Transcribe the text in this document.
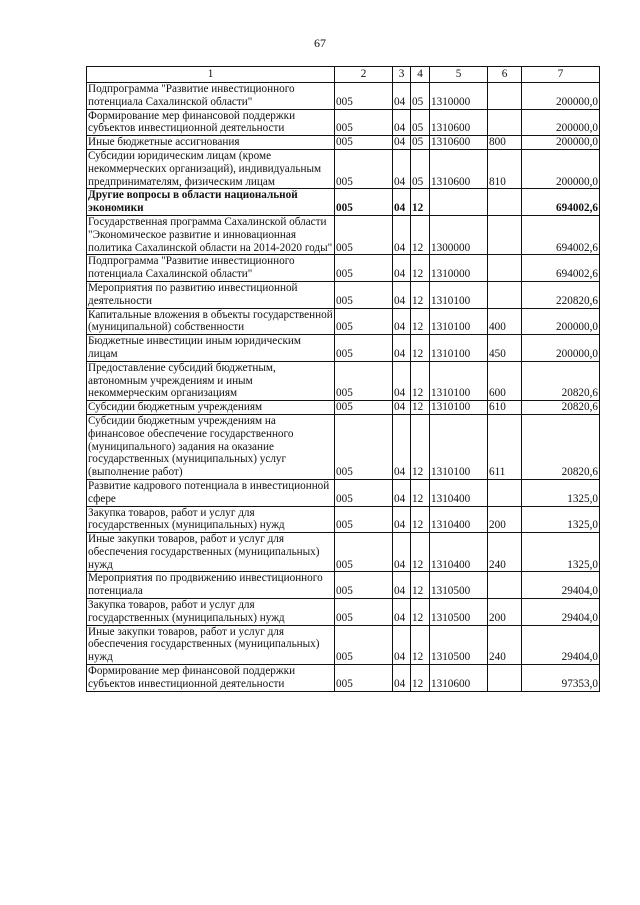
67
1	2	3	4	5	6	7
Подпрограмма "Развитие инвестиционного потенциала Сахалинской области"	005	04	05	1310000		200000,0
Формирование мер финансовой поддержки субъектов инвестиционной деятельности	005	04	05	1310600		200000,0
Иные бюджетные ассигнования	005	04	05	1310600	800	200000,0
Субсидии юридическим лицам (кроме некоммерческих организаций), индивидуальным предпринимателям, физическим лицам	005	04	05	1310600	810	200000,0
Другие вопросы в области национальной экономики	005	04	12			694002,6
Государственная программа Сахалинской области "Экономическое развитие и инновационная политика Сахалинской области на 2014-2020 годы"	005	04	12	1300000		694002,6
Подпрограмма "Развитие инвестиционного потенциала Сахалинской области"	005	04	12	1310000		694002,6
Мероприятия по развитию инвестиционной деятельности	005	04	12	1310100		220820,6
Капитальные вложения в объекты государственной (муниципальной) собственности	005	04	12	1310100	400	200000,0
Бюджетные инвестиции иным юридическим лицам	005	04	12	1310100	450	200000,0
Предоставление субсидий бюджетным, автономным учреждениям и иным некоммерческим организациям	005	04	12	1310100	600	20820,6
Субсидии бюджетным учреждениям	005	04	12	1310100	610	20820,6
Субсидии бюджетным учреждениям на финансовое обеспечение государственного (муниципального) задания на оказание государственных (муниципальных) услуг (выполнение работ)	005	04	12	1310100	611	20820,6
Развитие кадрового потенциала в инвестиционной сфере	005	04	12	1310400		1325,0
Закупка товаров, работ и услуг для государственных (муниципальных) нужд	005	04	12	1310400	200	1325,0
Иные закупки товаров, работ и услуг для обеспечения государственных (муниципальных) нужд	005	04	12	1310400	240	1325,0
Мероприятия по продвижению инвестиционного потенциала	005	04	12	1310500		29404,0
Закупка товаров, работ и услуг для государственных (муниципальных) нужд	005	04	12	1310500	200	29404,0
Иные закупки товаров, работ и услуг для обеспечения государственных (муниципальных) нужд	005	04	12	1310500	240	29404,0
Формирование мер финансовой поддержки субъектов инвестиционной деятельности	005	04	12	1310600		97353,0
